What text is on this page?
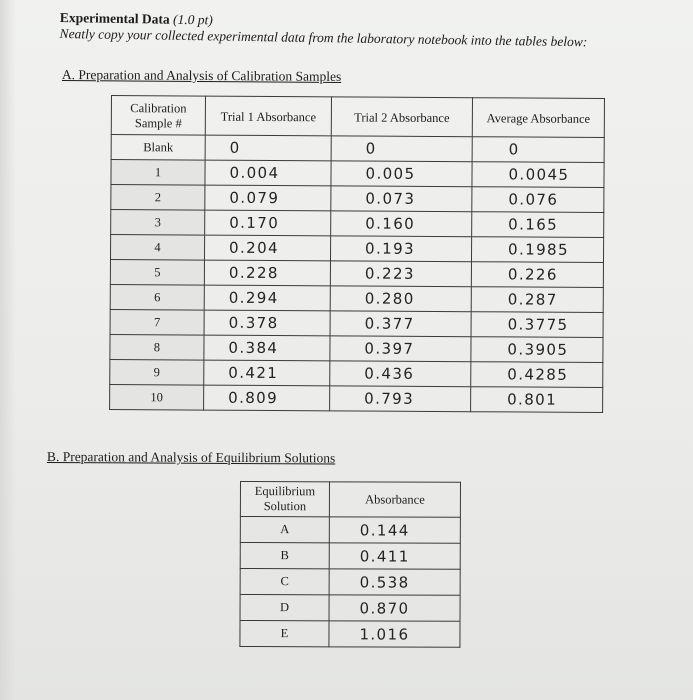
Experimental Data (1.0 pt)
Neatly copy your collected experimental data from the laboratory notebook into the tables below:
A. Preparation and Analysis of Calibration Samples
Calibration Sample #	Trial 1 Absorbance	Trial 2 Absorbance	Average Absorbance
Blank	0	0	0
1	0.004	0.005	0.0045
2	0.079	0.073	0.076
3	0.170	0.160	0.165
4	0.204	0.193	0.1985
5	0.228	0.223	0.226
6	0.294	0.280	0.287
7	0.378	0.377	0.3775
8	0.384	0.397	0.3905
9	0.421	0.436	0.4285
10	0.809	0.793	0.801
B. Preparation and Analysis of Equilibrium Solutions
Equilibrium Solution	Absorbance
A	0.144
B	0.411
C	0.538
D	0.870
E	1.016
